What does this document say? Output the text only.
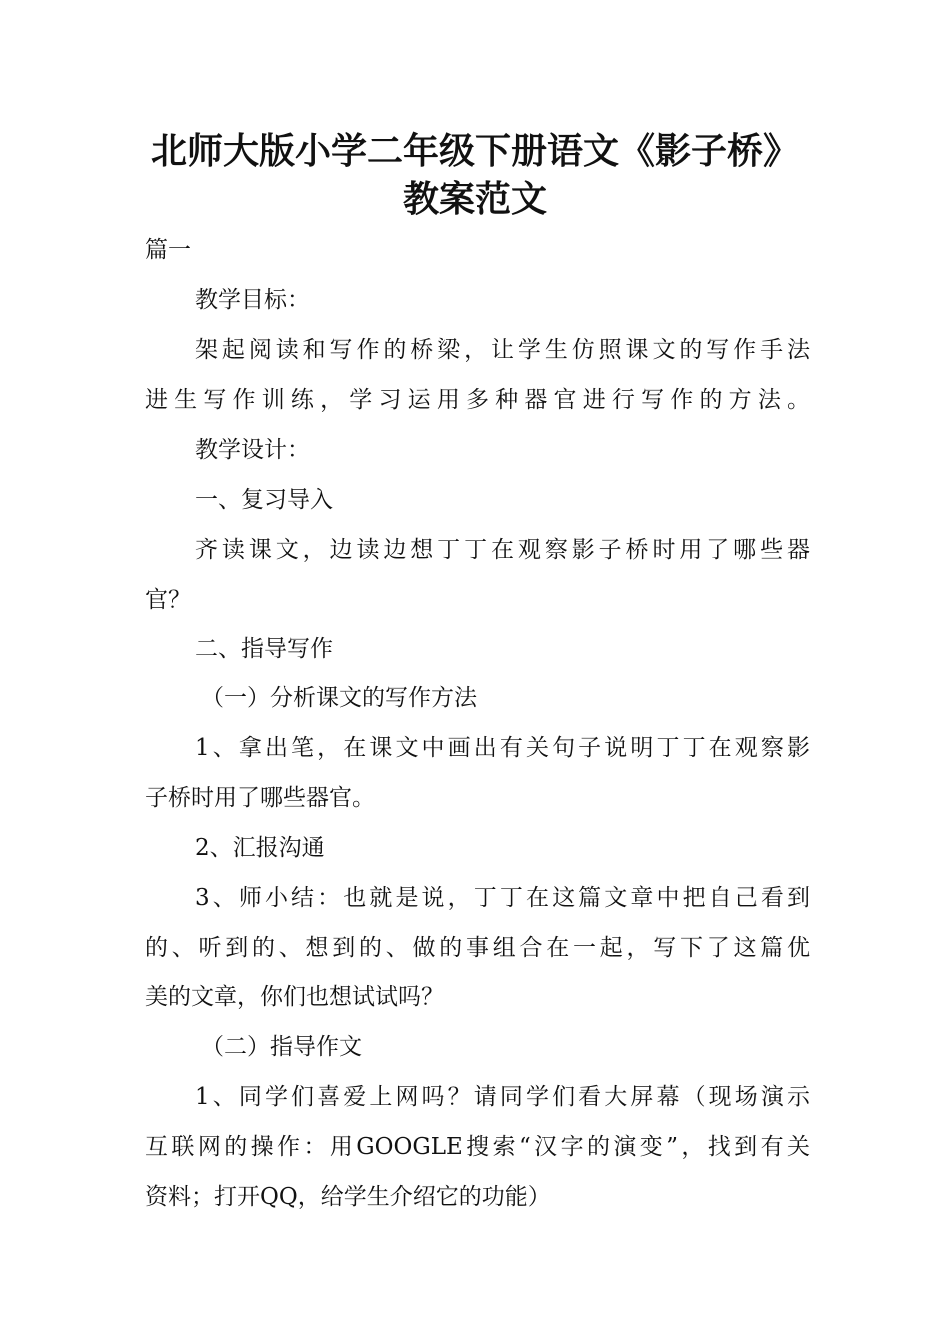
北师大版小学二年级下册语文《影子桥》
教案范文
篇一
教学目标：
架起阅读和写作的桥梁，让学生仿照课文的写作手法
进生写作训练，学习运用多种器官进行写作的方法。
教学设计：
一、复习导入
齐读课文，边读边想丁丁在观察影子桥时用了哪些器
官？
二、指导写作
（一）分析课文的写作方法
1、拿出笔，在课文中画出有关句子说明丁丁在观察影
子桥时用了哪些器官。
2、汇报沟通
3、师小结：也就是说，丁丁在这篇文章中把自己看到
的、听到的、想到的、做的事组合在一起，写下了这篇优
美的文章，你们也想试试吗？
（二）指导作文
1、同学们喜爱上网吗？请同学们看大屏幕（现场演示
互联网的操作：用GOOGLE搜索“汉字的演变”，找到有关
资料；打开QQ，给学生介绍它的功能）
